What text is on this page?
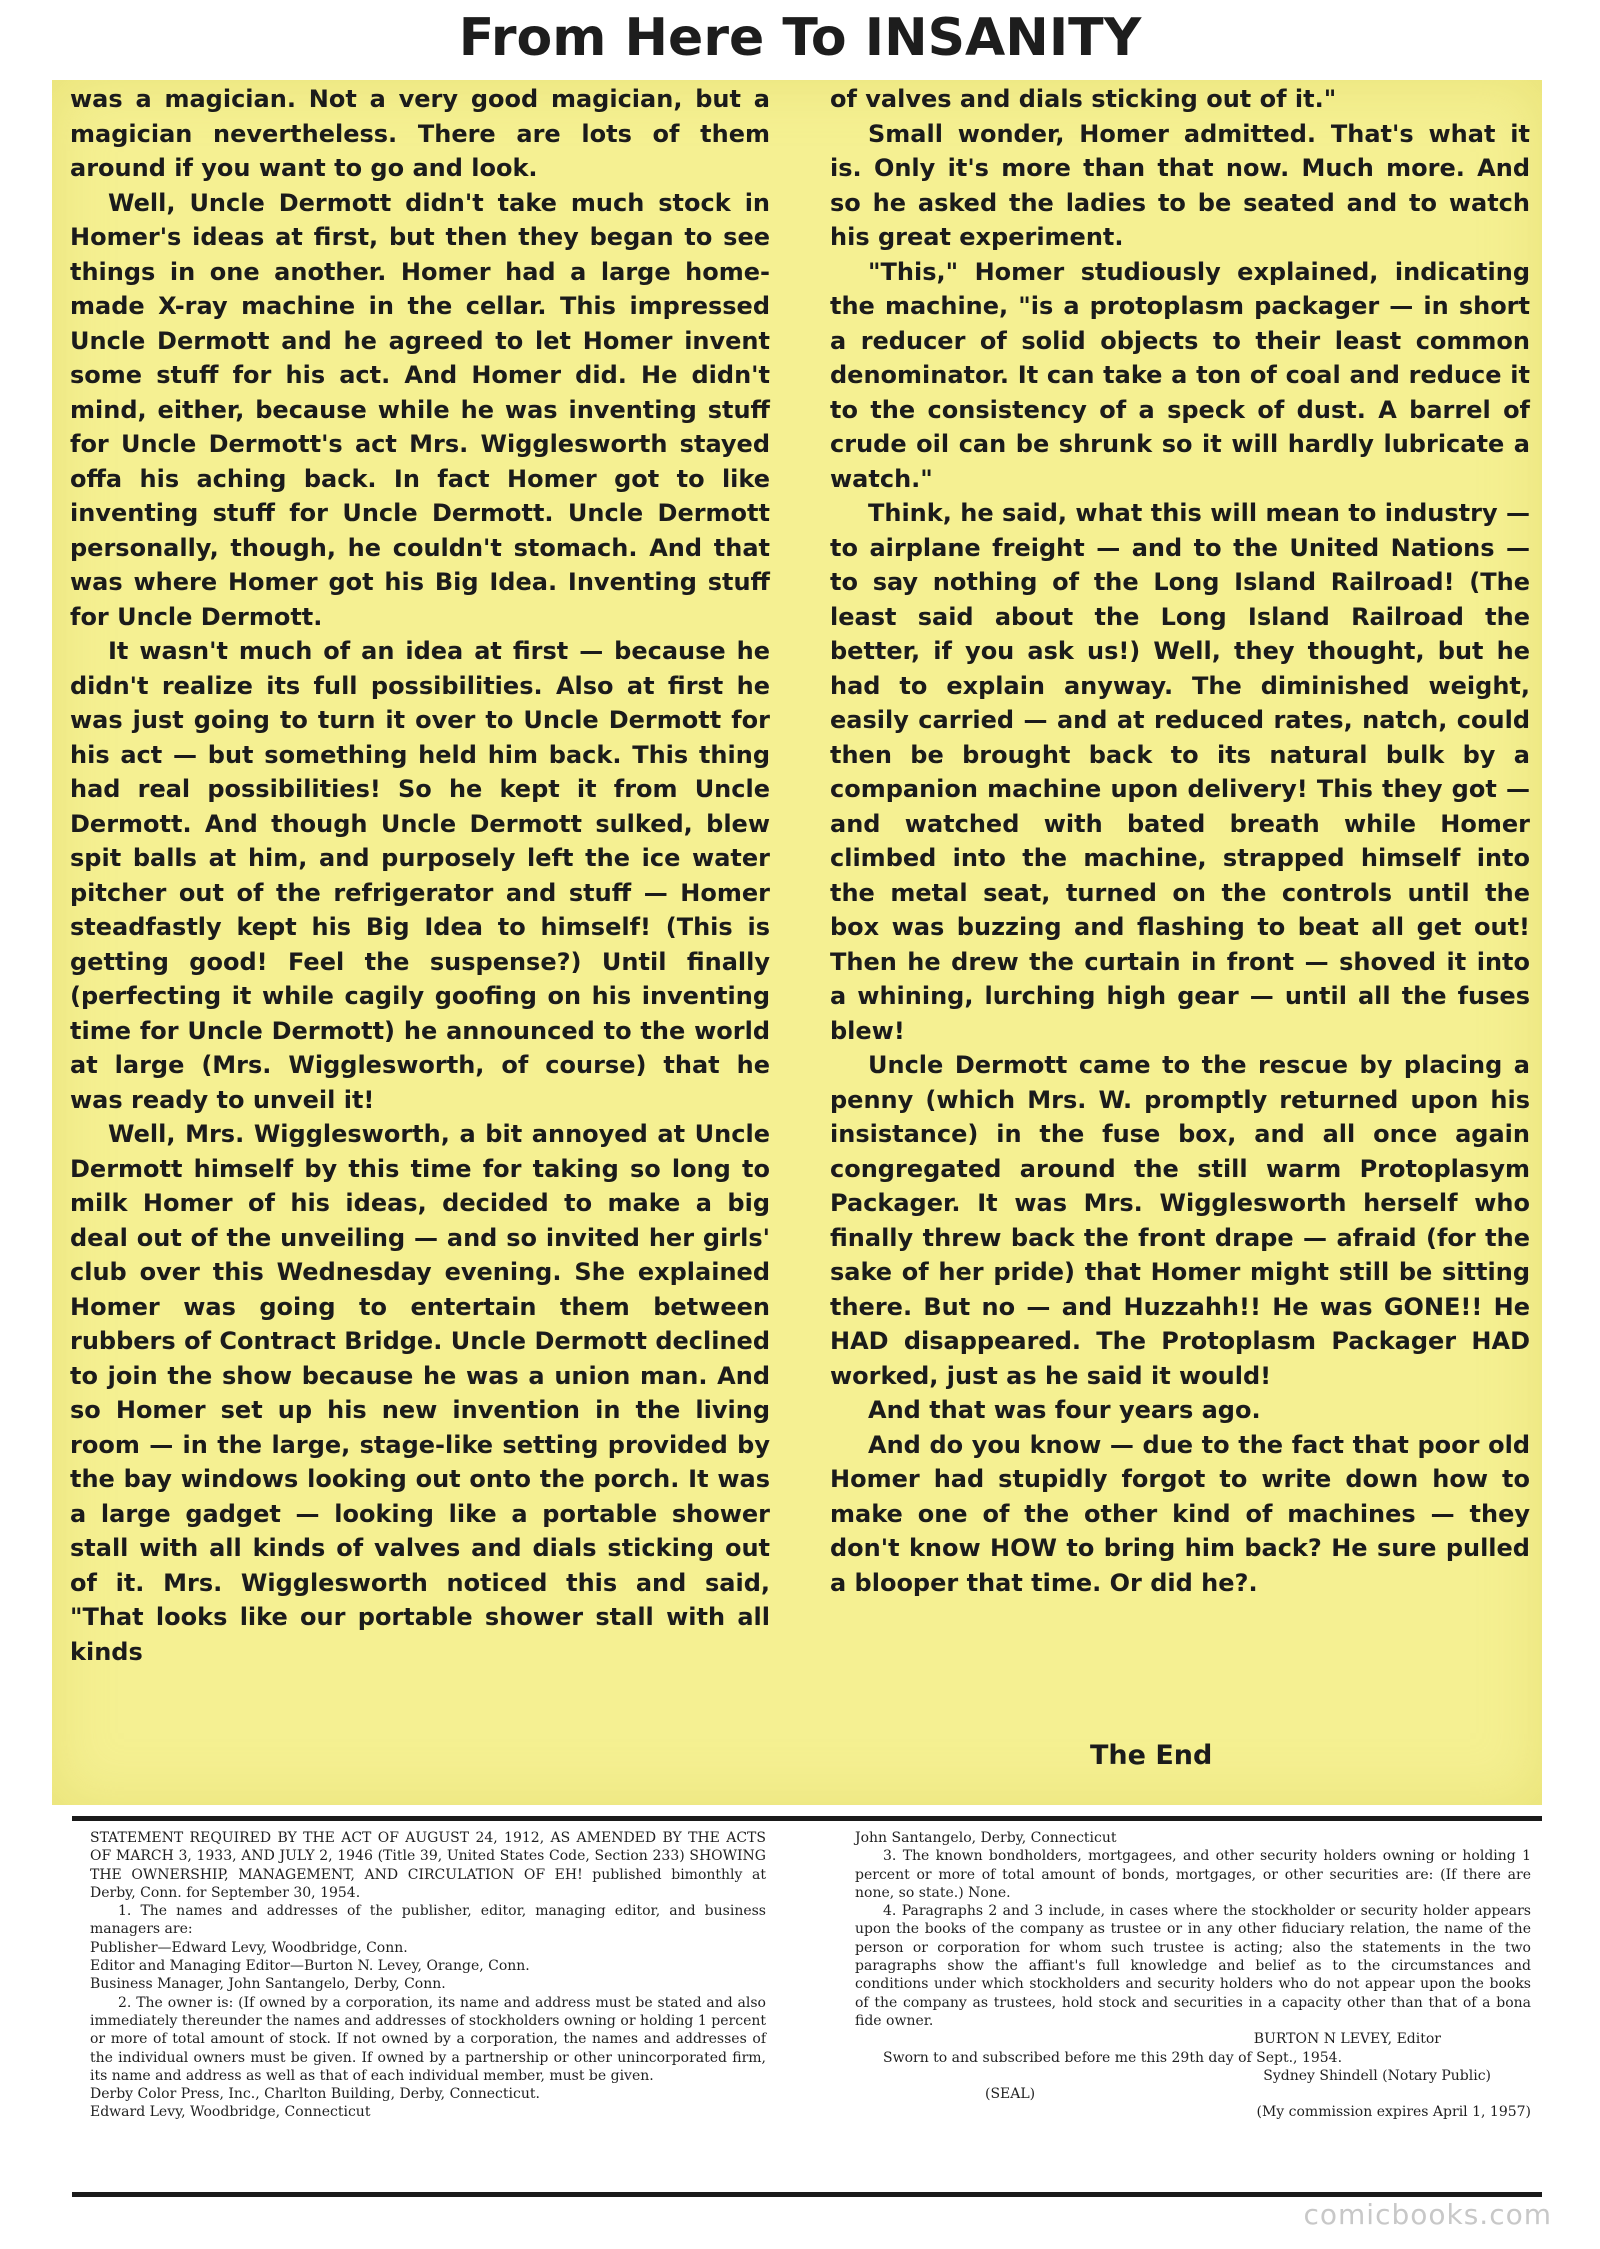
From Here To INSANITY

was a magician. Not a very good magician, but a magician nevertheless. There are lots of them around if you want to go and look.

Well, Uncle Dermott didn't take much stock in Homer's ideas at first, but then they began to see things in one another. Homer had a large home-made X-ray machine in the cellar. This impressed Uncle Dermott and he agreed to let Homer invent some stuff for his act. And Homer did. He didn't mind, either, because while he was inventing stuff for Uncle Dermott's act Mrs. Wigglesworth stayed offa his aching back. In fact Homer got to like inventing stuff for Uncle Dermott. Uncle Dermott personally, though, he couldn't stomach. And that was where Homer got his Big Idea. Inventing stuff for Uncle Dermott.

It wasn't much of an idea at first — because he didn't realize its full possibilities. Also at first he was just going to turn it over to Uncle Dermott for his act — but something held him back. This thing had real possibilities! So he kept it from Uncle Dermott. And though Uncle Dermott sulked, blew spit balls at him, and purposely left the ice water pitcher out of the refrigerator and stuff — Homer steadfastly kept his Big Idea to himself! (This is getting good! Feel the suspense?) Until finally (perfecting it while cagily goofing on his inventing time for Uncle Dermott) he announced to the world at large (Mrs. Wigglesworth, of course) that he was ready to unveil it!

Well, Mrs. Wigglesworth, a bit annoyed at Uncle Dermott himself by this time for taking so long to milk Homer of his ideas, decided to make a big deal out of the unveiling — and so invited her girls' club over this Wednesday evening. She explained Homer was going to entertain them between rubbers of Contract Bridge. Uncle Dermott declined to join the show because he was a union man. And so Homer set up his new invention in the living room — in the large, stage-like setting provided by the bay windows looking out onto the porch. It was a large gadget — looking like a portable shower stall with all kinds of valves and dials sticking out of it. Mrs. Wigglesworth noticed this and said, "That looks like our portable shower stall with all kinds

of valves and dials sticking out of it."

Small wonder, Homer admitted. That's what it is. Only it's more than that now. Much more. And so he asked the ladies to be seated and to watch his great experiment.

"This," Homer studiously explained, indicating the machine, "is a protoplasm packager — in short a reducer of solid objects to their least common denominator. It can take a ton of coal and reduce it to the consistency of a speck of dust. A barrel of crude oil can be shrunk so it will hardly lubricate a watch."

Think, he said, what this will mean to industry — to airplane freight — and to the United Nations — to say nothing of the Long Island Railroad! (The least said about the Long Island Railroad the better, if you ask us!) Well, they thought, but he had to explain anyway. The diminished weight, easily carried — and at reduced rates, natch, could then be brought back to its natural bulk by a companion machine upon delivery! This they got — and watched with bated breath while Homer climbed into the machine, strapped himself into the metal seat, turned on the controls until the box was buzzing and flashing to beat all get out! Then he drew the curtain in front — shoved it into a whining, lurching high gear — until all the fuses blew!

Uncle Dermott came to the rescue by placing a penny (which Mrs. W. promptly returned upon his insistance) in the fuse box, and all once again congregated around the still warm Protoplasym Packager. It was Mrs. Wigglesworth herself who finally threw back the front drape — afraid (for the sake of her pride) that Homer might still be sitting there. But no — and Huzzahh!! He was GONE!! He HAD disappeared. The Protoplasm Packager HAD worked, just as he said it would!

And that was four years ago.

And do you know — due to the fact that poor old Homer had stupidly forgot to write down how to make one of the other kind of machines — they don't know HOW to bring him back? He sure pulled a blooper that time. Or did he?.

The End

STATEMENT REQUIRED BY THE ACT OF AUGUST 24, 1912, AS AMENDED BY THE ACTS OF MARCH 3, 1933, AND JULY 2, 1946 (Title 39, United States Code, Section 233) SHOWING THE OWNERSHIP, MANAGEMENT, AND CIRCULATION OF EH! published bimonthly at Derby, Conn. for September 30, 1954.

1. The names and addresses of the publisher, editor, managing editor, and business managers are:

Publisher—Edward Levy, Woodbridge, Conn.

Editor and Managing Editor—Burton N. Levey, Orange, Conn.

Business Manager, John Santangelo, Derby, Conn.

2. The owner is: (If owned by a corporation, its name and address must be stated and also immediately thereunder the names and addresses of stockholders owning or holding 1 percent or more of total amount of stock. If not owned by a corporation, the names and addresses of the individual owners must be given. If owned by a partnership or other unincorporated firm, its name and address as well as that of each individual member, must be given.

Derby Color Press, Inc., Charlton Building, Derby, Connecticut.

Edward Levy, Woodbridge, Connecticut

John Santangelo, Derby, Connecticut

3. The known bondholders, mortgagees, and other security holders owning or holding 1 percent or more of total amount of bonds, mortgages, or other securities are: (If there are none, so state.) None.

4. Paragraphs 2 and 3 include, in cases where the stockholder or security holder appears upon the books of the company as trustee or in any other fiduciary relation, the name of the person or corporation for whom such trustee is acting; also the statements in the two paragraphs show the affiant's full knowledge and belief as to the circumstances and conditions under which stockholders and security holders who do not appear upon the books of the company as trustees, hold stock and securities in a capacity other than that of a bona fide owner.

BURTON N LEVEY, Editor

Sworn to and subscribed before me this 29th day of Sept., 1954.

Sydney Shindell (Notary Public)

(SEAL)

(My commission expires April 1, 1957)

comicbooks.com
